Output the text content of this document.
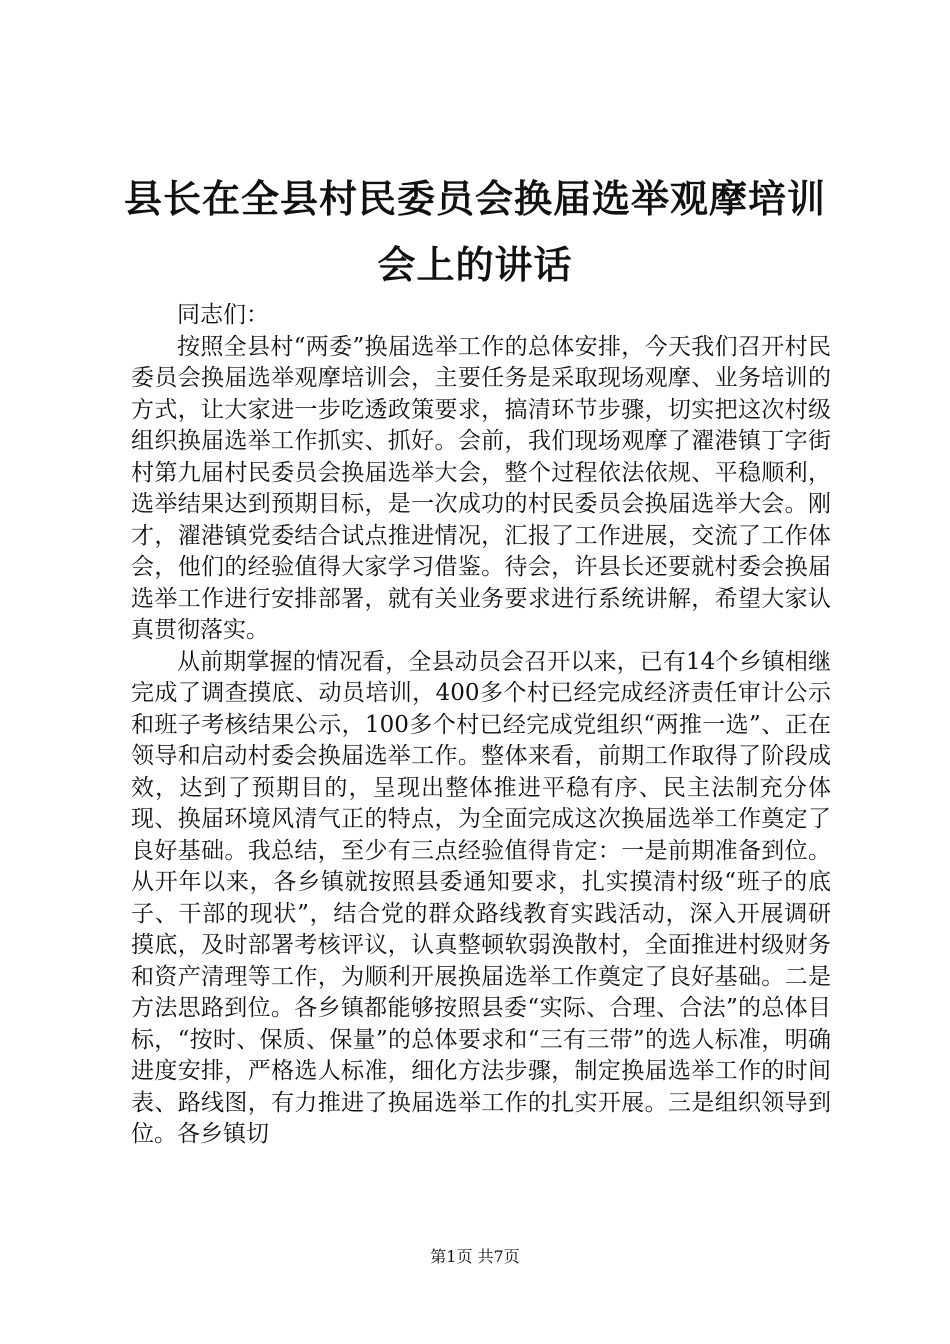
县长在全县村民委员会换届选举观摩培训会上的讲话

同志们：

按照全县村“两委”换届选举工作的总体安排，今天我们召开村民委员会换届选举观摩培训会，主要任务是采取现场观摩、业务培训的方式，让大家进一步吃透政策要求，搞清环节步骤，切实把这次村级组织换届选举工作抓实、抓好。会前，我们现场观摩了濯港镇丁字街村第九届村民委员会换届选举大会，整个过程依法依规、平稳顺利，选举结果达到预期目标，是一次成功的村民委员会换届选举大会。刚才，濯港镇党委结合试点推进情况，汇报了工作进展，交流了工作体会，他们的经验值得大家学习借鉴。待会，许县长还要就村委会换届选举工作进行安排部署，就有关业务要求进行系统讲解，希望大家认真贯彻落实。

从前期掌握的情况看，全县动员会召开以来，已有14个乡镇相继完成了调查摸底、动员培训，400多个村已经完成经济责任审计公示和班子考核结果公示，100多个村已经完成党组织“两推一选”、正在领导和启动村委会换届选举工作。整体来看，前期工作取得了阶段成效，达到了预期目的，呈现出整体推进平稳有序、民主法制充分体现、换届环境风清气正的特点，为全面完成这次换届选举工作奠定了良好基础。我总结，至少有三点经验值得肯定：一是前期准备到位。从开年以来，各乡镇就按照县委通知要求，扎实摸清村级“班子的底子、干部的现状”，结合党的群众路线教育实践活动，深入开展调研摸底，及时部署考核评议，认真整顿软弱涣散村，全面推进村级财务和资产清理等工作，为顺利开展换届选举工作奠定了良好基础。二是方法思路到位。各乡镇都能够按照县委“实际、合理、合法”的总体目标，“按时、保质、保量”的总体要求和“三有三带”的选人标准，明确进度安排，严格选人标准，细化方法步骤，制定换届选举工作的时间表、路线图，有力推进了换届选举工作的扎实开展。三是组织领导到位。各乡镇切

第1页 共7页
